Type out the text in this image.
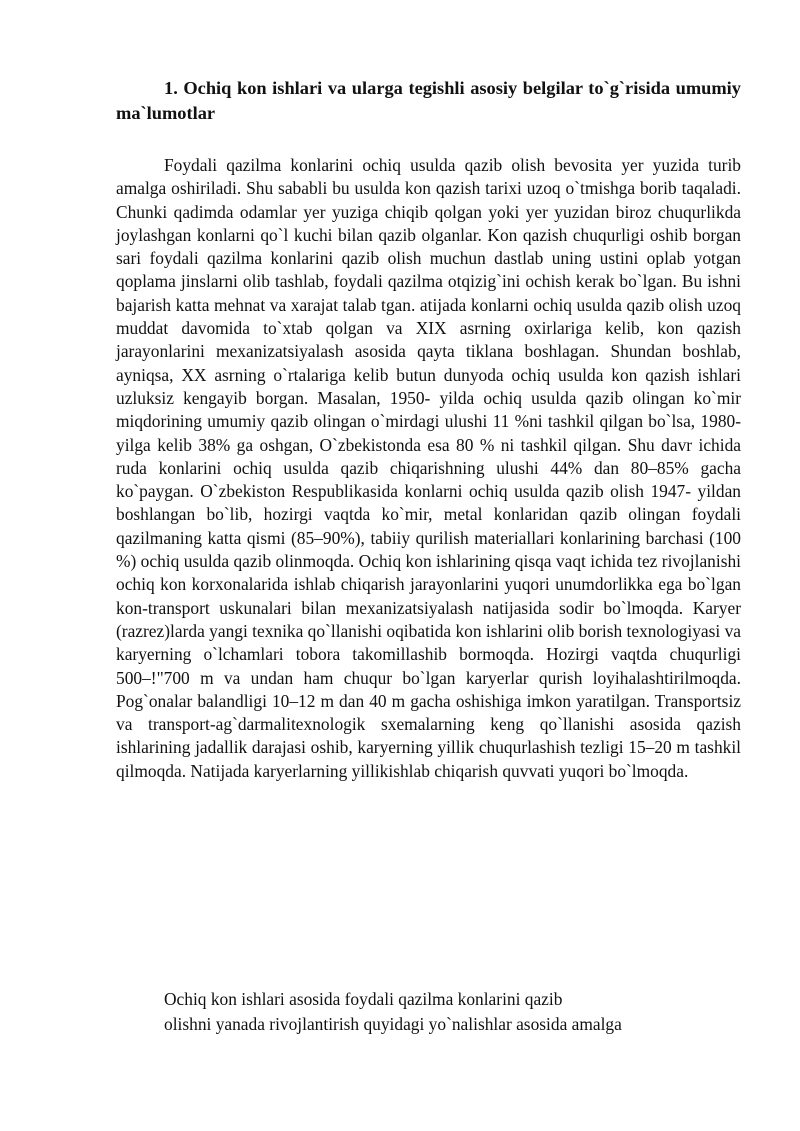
1. Ochiq kon ishlari va ularga tegishli asosiy belgilar to`g`risida umumiy ma`lumotlar

Foydali qazilma konlarini ochiq usulda qazib olish bevosita yer yuzida turib amalga oshiriladi. Shu sababli bu usulda kon qazish tarixi uzoq o`tmishga borib taqaladi. Chunki qadimda odamlar yer yuziga chiqib qolgan yoki yer yuzidan biroz chuqurlikda joylashgan konlarni qo`l kuchi bilan qazib olganlar. Kon qazish chuqurligi oshib borgan sari foydali qazilma konlarini qazib olish muchun dastlab uning ustini oplab yotgan qoplama jinslarni olib tashlab, foydali qazilma otqizig`ini ochish kerak bo`lgan. Bu ishni bajarish katta mehnat va xarajat talab tgan. atijada konlarni ochiq usulda qazib olish uzoq muddat davomida to`xtab qolgan va XIX asrning oxirlariga kelib, kon qazish jarayonlarini mexanizatsiyalash asosida qayta tiklana boshlagan. Shundan boshlab, ayniqsa, XX asrning o`rtalariga kelib butun dunyoda ochiq usulda kon qazish ishlari uzluksiz kengayib borgan. Masalan, 1950- yilda ochiq usulda qazib olingan ko`mir miqdorining umumiy qazib olingan o`mirdagi ulushi 11 %ni tashkil qilgan bo`lsa, 1980- yilga kelib 38% ga oshgan, O`zbekistonda esa 80 % ni tashkil qilgan. Shu davr ichida ruda konlarini ochiq usulda qazib chiqarishning ulushi 44% dan 80–85% gacha ko`paygan. O`zbekiston Respublikasida konlarni ochiq usulda qazib olish 1947- yildan boshlangan bo`lib, hozirgi vaqtda ko`mir, metal konlaridan qazib olingan foydali qazilmaning katta qismi (85–90%), tabiiy qurilish materiallari konlarining barchasi (100 %) ochiq usulda qazib olinmoqda. Ochiq kon ishlarining qisqa vaqt ichida tez rivojlanishi ochiq kon korxonalarida ishlab chiqarish jarayonlarini yuqori unumdorlikka ega bo`lgan kon-transport uskunalari bilan mexanizatsiyalash natijasida sodir bo`lmoqda. Karyer (razrez)larda yangi texnika qo`llanishi oqibatida kon ishlarini olib borish texnologiyasi va karyerning o`lchamlari tobora takomillashib bormoqda. Hozirgi vaqtda chuqurligi 500–!"700 m va undan ham chuqur bo`lgan karyerlar qurish loyihalashtirilmoqda. Pog`onalar balandligi 10–12 m dan 40 m gacha oshishiga imkon yaratilgan. Transportsiz va transport-ag`darmalitexnologik sxemalarning keng qo`llanishi asosida qazish ishlarining jadallik darajasi oshib, karyerning yillik chuqurlashish tezligi 15–20 m tashkil qilmoqda. Natijada karyerlarning yillikishlab chiqarish quvvati yuqori bo`lmoqda.

Ochiq kon ishlari asosida foydali qazilma konlarini qazib

olishni yanada rivojlantirish quyidagi yo`nalishlar asosida amalga
